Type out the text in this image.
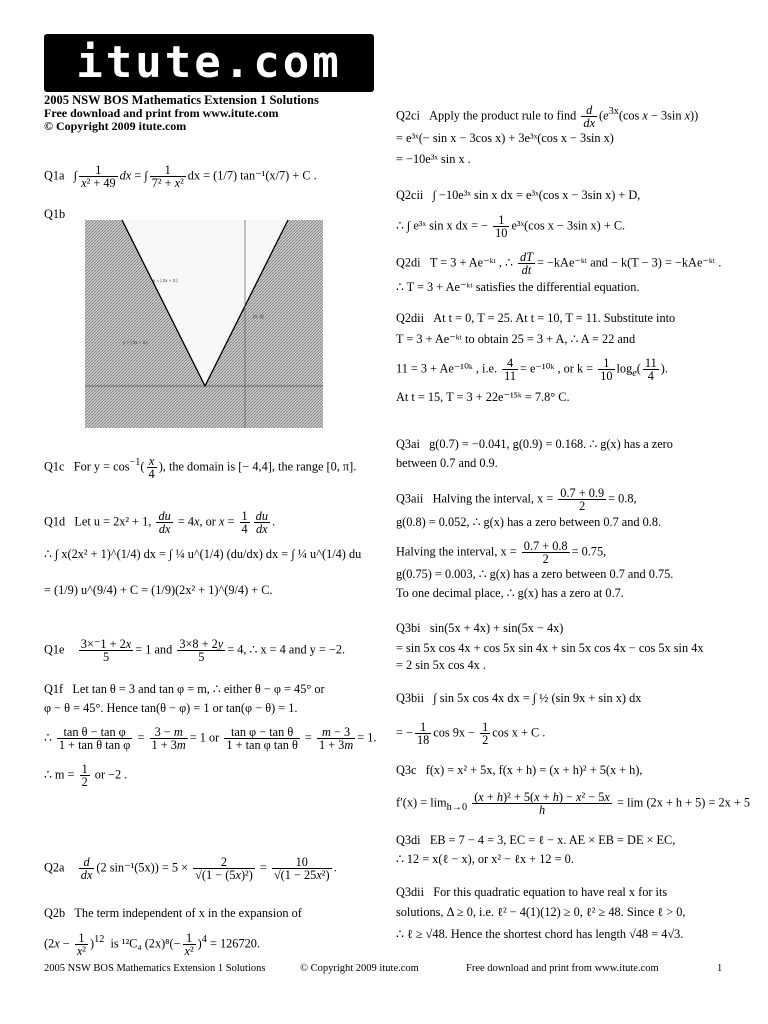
itute.com
2005 NSW BOS Mathematics Extension 1 Solutions
Free download and print from www.itute.com
© Copyright 2009 itute.com
Q1a   ∫ $\frac{1}{\text{x² + 49}}$ dx = ∫ $\frac{1}{\text{7² + x²}}$ dx = (1/7) tan⁻¹(x/7) + C .
Q1b
y = | 2x + 3 |
y > | 2x + 3 |
(0, 3)
Q1c For $y = \cos^{-1}( \frac{x}{4}$ ), the domain is [− 4,4], the range [0, π].
Q1d Let u = 2x² + 1, $\frac{du}{dx} = 4x$, or $x = \frac{1}{4} \frac{du}{dx}$ .
∴ ∫ x(2x² + 1)^(1/4) dx = ∫ ¼ u^(1/4) (du/dx) dx = ∫ ¼ u^(1/4) du
= (1/9) u^(9/4) + C = (1/9)(2x² + 1)^(9/4) + C.
$Q1e \frac{3\times^-1 + 2x}{5} = 1$ and $\frac{3\times 8 + 2y}{5} = 4$, ∴ x = 4 and y = −2.
Q1f Let tan θ = 3 and tan φ = m, ∴ either θ − φ = 45° or
φ − θ = 45°. Hence tan(θ − φ) = 1 or tan(φ − θ) = 1.
∴ $\frac{\text{tan θ − tan φ}}{\text{1 + tan θ tan φ}} = \frac{3 - m}{1 + 3m} = 1$ or $\frac{\text{tan φ − tan θ}}{\text{1 + tan φ tan θ}} = \frac{m - 3}{1 + 3m} = 1$.
∴ $m = \frac{1}{2}$ or −2 .
$Q2a \frac{d}{dx} (2$ $\sin^{-1}(5x)) = 5 \times \frac{2}{\text{√(1 − (5x)²)}} = \frac{10}{\text{√(1 − 25x²)}}$ .
Q2b The term independent of x in the expansion of
$(2x - \frac{1}{\text{x²}} )^{12}$ is ¹²C₄ $(2x)^8(- \frac{1}{\text{x²}} )^4 = 126720$.
Q2ci Apply the product rule to find $\frac{d}{dx} (e^{3x}(\cos$ x − 3sin x))
= e³ˣ(− sin x − 3cos x) + 3e³ˣ(cos x − 3sin x)
= −10e³ˣ sin x .
Q2cii ∫ −10e³ˣ sin x dx = e³ˣ(cos x − 3sin x) + D,
∴ ∫ e³ˣ sin x dx = − $\frac{1}{10}$ e³ˣ(cos x − 3sin x) + C.
Q2di T = 3 + Ae⁻ᵏᵗ , ∴ $\frac{dT}{dt}$ = −kAe⁻ᵏᵗ and − k(T − 3) = −kAe⁻ᵏᵗ .
∴ T = 3 + Ae⁻ᵏᵗ satisfies the differential equation.
Q2dii At t = 0, T = 25. At t = 10, T = 11. Substitute into
T = 3 + Ae⁻ᵏᵗ to obtain 25 = 3 + A, ∴ A = 22 and
11 = 3 + Ae⁻¹⁰ᵏ , i.e. $\frac{4}{11}$ = e⁻¹⁰ᵏ , or $k = \frac{1}{10} \log_e( \frac{11}{4}$ ).
At t = 15, T = 3 + 22e⁻¹⁵ᵏ = 7.8° C.
Q3ai g(0.7) = −0.041, g(0.9) = 0.168. ∴ g(x) has a zero
between 0.7 and 0.9.
Q3aii Halving the interval, $x = \frac{0.7 + 0.9}{2} = 0.8$,
g(0.8) = 0.052, ∴ g(x) has a zero between 0.7 and 0.8.
Halving the interval, $x = \frac{0.7 + 0.8}{2} = 0.75$,
g(0.75) = 0.003, ∴ g(x) has a zero between 0.7 and 0.75.
To one decimal place, ∴ g(x) has a zero at 0.7.
Q3bi sin(5x + 4x) + sin(5x − 4x)
= sin 5x cos 4x + cos 5x sin 4x + sin 5x cos 4x − cos 5x sin 4x
= 2 sin 5x cos 4x .
Q3bii ∫ sin 5x cos 4x dx = ∫ ½ (sin 9x + sin x) dx
= − $\frac{1}{18}$ $\cos 9x - \frac{1}{2}$ cos x + C .
Q3c f(x) = x² + 5x, f(x + h) = (x + h)² + 5(x + h),
$f'(x) = \lim_{h\to 0} \frac{\text{(x + h)² + 5(x + h) − x² − 5x}}{h} = \lim (2x + h + 5) = 2x + 5$
Q3di EB = 7 − 4 = 3, EC = ℓ − x. AE × EB = DE × EC,
∴ 12 = x(ℓ − x), or x² − ℓx + 12 = 0.
Q3dii For this quadratic equation to have real x for its
solutions, Δ ≥ 0, i.e. ℓ² − 4(1)(12) ≥ 0, ℓ² ≥ 48. Since ℓ > 0,
∴ ℓ ≥ √48. Hence the shortest chord has length √48 = 4√3.
2005 NSW BOS Mathematics Extension 1 Solutions	© Copyright 2009 itute.com	Free download and print from www.itute.com	1
